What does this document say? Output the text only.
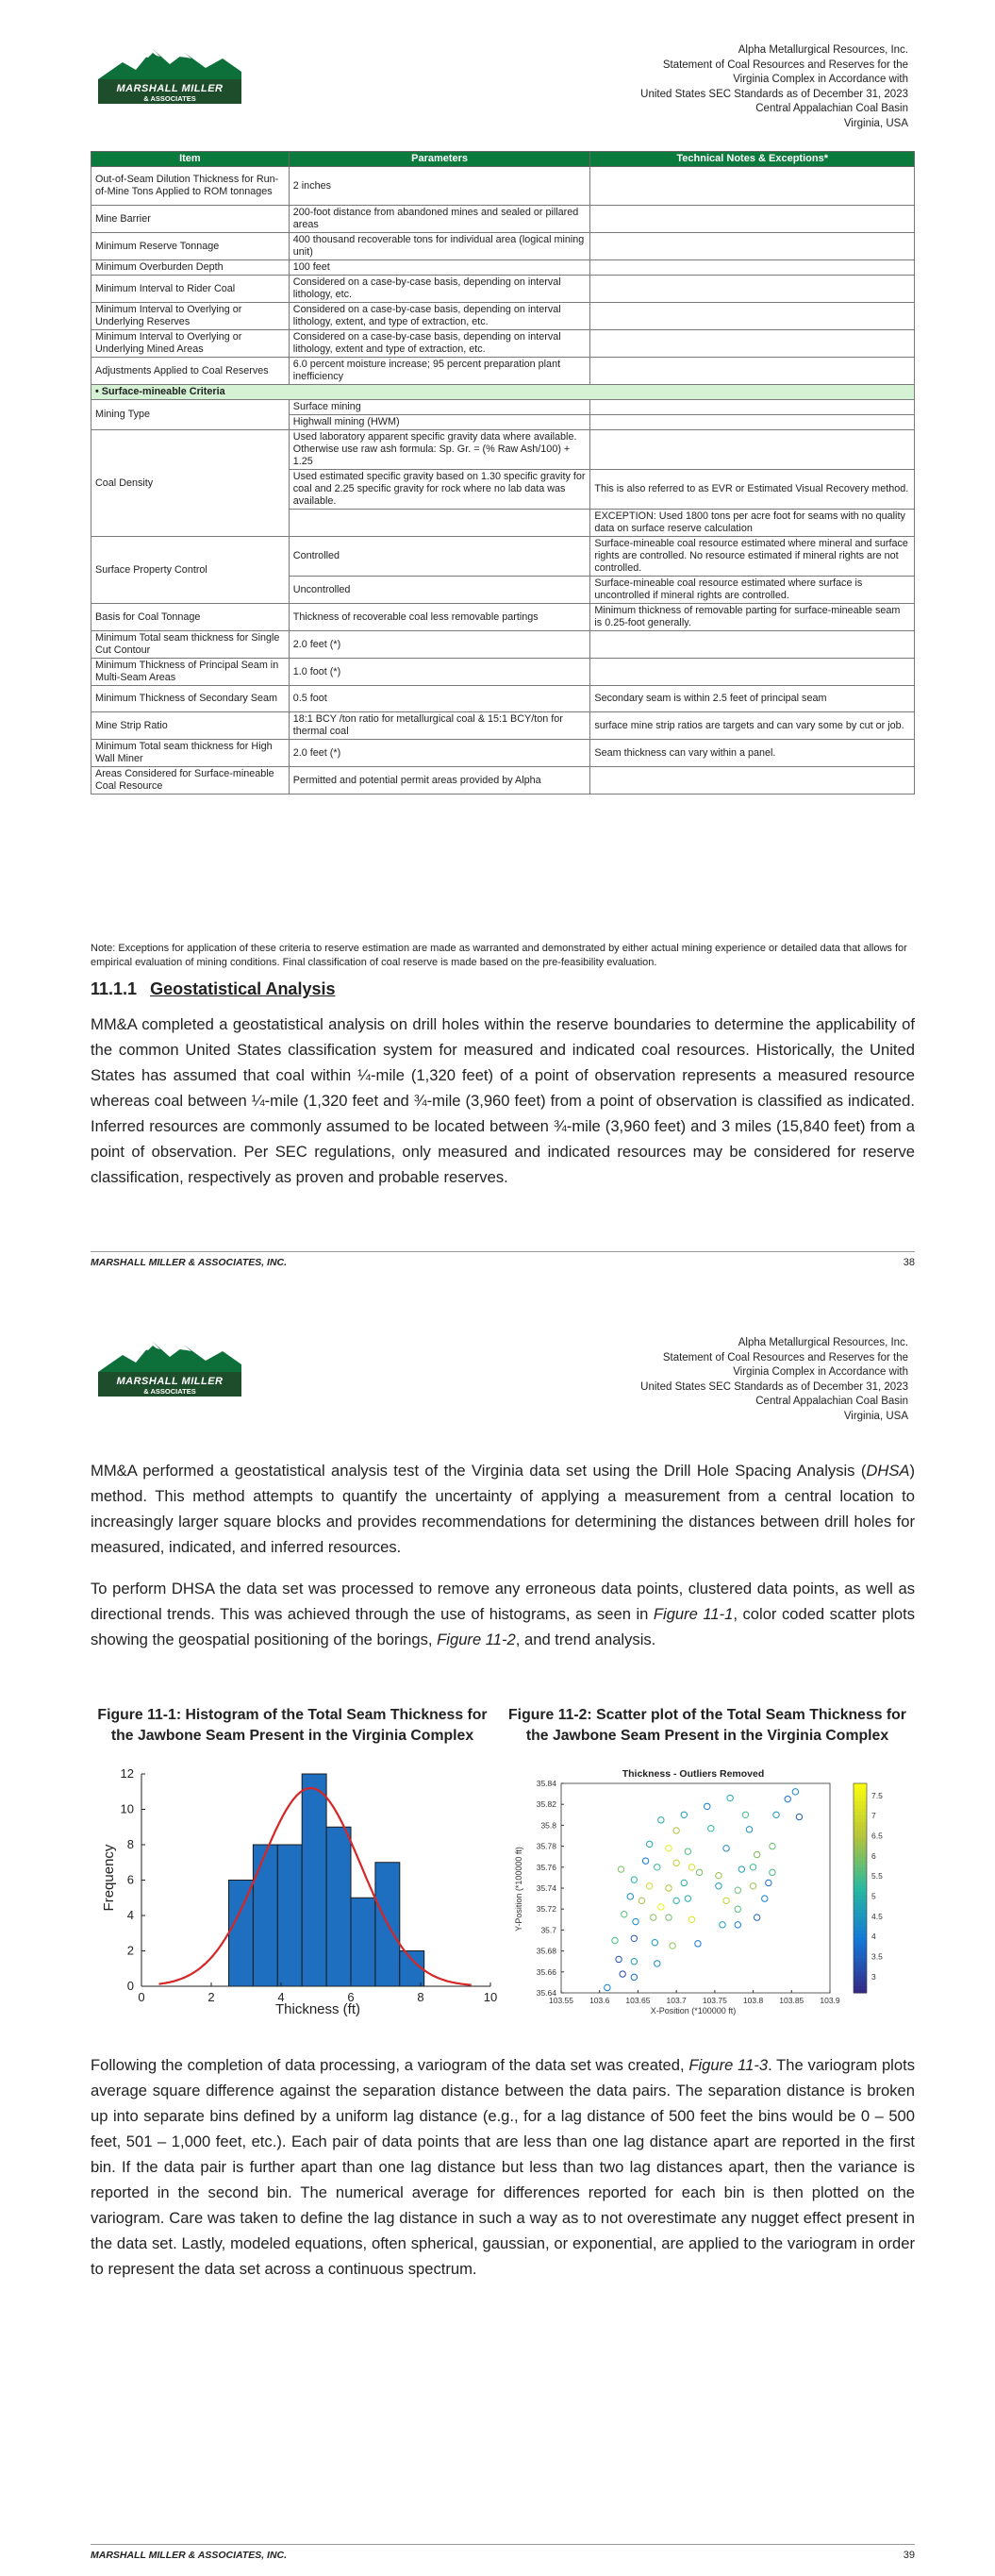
MARSHALL MILLER
& ASSOCIATES
Alpha Metallurgical Resources, Inc.
Statement of Coal Resources and Reserves for the
Virginia Complex in Accordance with
United States SEC Standards as of December 31, 2023
Central Appalachian Coal Basin
Virginia, USA
Item	Parameters	Technical Notes & Exceptions*
Out-of-Seam Dilution Thickness for Run-of-Mine Tons Applied to ROM tonnages	2 inches	
Mine Barrier	200-foot distance from abandoned mines and sealed or pillared areas	
Minimum Reserve Tonnage	400 thousand recoverable tons for individual area (logical mining unit)	
Minimum Overburden Depth	100 feet	
Minimum Interval to Rider Coal	Considered on a case-by-case basis, depending on interval lithology, etc.	
Minimum Interval to Overlying or Underlying Reserves	Considered on a case-by-case basis, depending on interval lithology, extent, and type of extraction, etc.	
Minimum Interval to Overlying or Underlying Mined Areas	Considered on a case-by-case basis, depending on interval lithology, extent and type of extraction, etc.	
Adjustments Applied to Coal Reserves	6.0 percent moisture increase; 95 percent preparation plant inefficiency	
• Surface-mineable Criteria		
Mining Type	Surface mining	
	Highwall mining (HWM)	
Coal Density	Used laboratory apparent specific gravity data where available. Otherwise use raw ash formula: Sp. Gr. = (% Raw Ash/100) + 1.25	
	Used estimated specific gravity based on 1.30 specific gravity for coal and 2.25 specific gravity for rock where no lab data was available.	This is also referred to as EVR or Estimated Visual Recovery method.
		EXCEPTION: Used 1800 tons per acre foot for seams with no quality data on surface reserve calculation
Surface Property Control	Controlled	Surface-mineable coal resource estimated where mineral and surface rights are controlled. No resource estimated if mineral rights are not controlled.
	Uncontrolled	Surface-mineable coal resource estimated where surface is uncontrolled if mineral rights are controlled.
Basis for Coal Tonnage	Thickness of recoverable coal less removable partings	Minimum thickness of removable parting for surface-mineable seam is 0.25-foot generally.
Minimum Total seam thickness for Single Cut Contour	2.0 feet (*)	
Minimum Thickness of Principal Seam in Multi-Seam Areas	1.0 foot (*)	
Minimum Thickness of Secondary Seam	0.5 foot	Secondary seam is within 2.5 feet of principal seam
Mine Strip Ratio	18:1 BCY /ton ratio for metallurgical coal & 15:1 BCY/ton for thermal coal	surface mine strip ratios are targets and can vary some by cut or job.
Minimum Total seam thickness for High Wall Miner	2.0 feet (*)	Seam thickness can vary within a panel.
Areas Considered for Surface-mineable Coal Resource	Permitted and potential permit areas provided by Alpha	
Note: Exceptions for application of these criteria to reserve estimation are made as warranted and demonstrated by either actual mining experience or detailed data that allows for empirical evaluation of mining conditions. Final classification of coal reserve is made based on the pre-feasibility evaluation.
11.1.1 Geostatistical Analysis

MM&A completed a geostatistical analysis on drill holes within the reserve boundaries to determine the applicability of the common United States classification system for measured and indicated coal resources. Historically, the United States has assumed that coal within ¼-mile (1,320 feet) of a point of observation represents a measured resource whereas coal between ¼-mile (1,320 feet and ¾-mile (3,960 feet) from a point of observation is classified as indicated. Inferred resources are commonly assumed to be located between ¾-mile (3,960 feet) and 3 miles (15,840 feet) from a point of observation. Per SEC regulations, only measured and indicated resources may be considered for reserve classification, respectively as proven and probable reserves.

MARSHALL MILLER & ASSOCIATES, INC.	38
MARSHALL MILLER
& ASSOCIATES
Alpha Metallurgical Resources, Inc.
Statement of Coal Resources and Reserves for the
Virginia Complex in Accordance with
United States SEC Standards as of December 31, 2023
Central Appalachian Coal Basin
Virginia, USA

MM&A performed a geostatistical analysis test of the Virginia data set using the Drill Hole Spacing Analysis (DHSA) method. This method attempts to quantify the uncertainty of applying a measurement from a central location to increasingly larger square blocks and provides recommendations for determining the distances between drill holes for measured, indicated, and inferred resources.

To perform DHSA the data set was processed to remove any erroneous data points, clustered data points, as well as directional trends. This was achieved through the use of histograms, as seen in Figure 11-1, color coded scatter plots showing the geospatial positioning of the borings, Figure 11-2, and trend analysis.

Figure 11-1: Histogram of the Total Seam Thickness for the Jawbone Seam Present in the Virginia Complex
Figure 11-2: Scatter plot of the Total Seam Thickness for the Jawbone Seam Present in the Virginia Complex
0	2	4	6	8	10
0
2
4
6
8
10
12
Thickness (ft)
Frequency
Thickness - Outliers Removed
103.55 103.6 103.65 103.7 103.75 103.8 103.85 103.9
35.64
35.66
35.68
35.7
35.72
35.74
35.76
35.78
35.8
35.82
35.84
3
3.5
4
4.5
5
5.5
6
6.5
7
7.5
X-Position (*100000 ft)
Y-Position (*100000 ft)

Following the completion of data processing, a variogram of the data set was created, Figure 11-3. The variogram plots average square difference against the separation distance between the data pairs. The separation distance is broken up into separate bins defined by a uniform lag distance (e.g., for a lag distance of 500 feet the bins would be 0 – 500 feet, 501 – 1,000 feet, etc.). Each pair of data points that are less than one lag distance apart are reported in the first bin. If the data pair is further apart than one lag distance but less than two lag distances apart, then the variance is reported in the second bin. The numerical average for differences reported for each bin is then plotted on the variogram. Care was taken to define the lag distance in such a way as to not overestimate any nugget effect present in the data set. Lastly, modeled equations, often spherical, gaussian, or exponential, are applied to the variogram in order to represent the data set across a continuous spectrum.

MARSHALL MILLER & ASSOCIATES, INC.	39
